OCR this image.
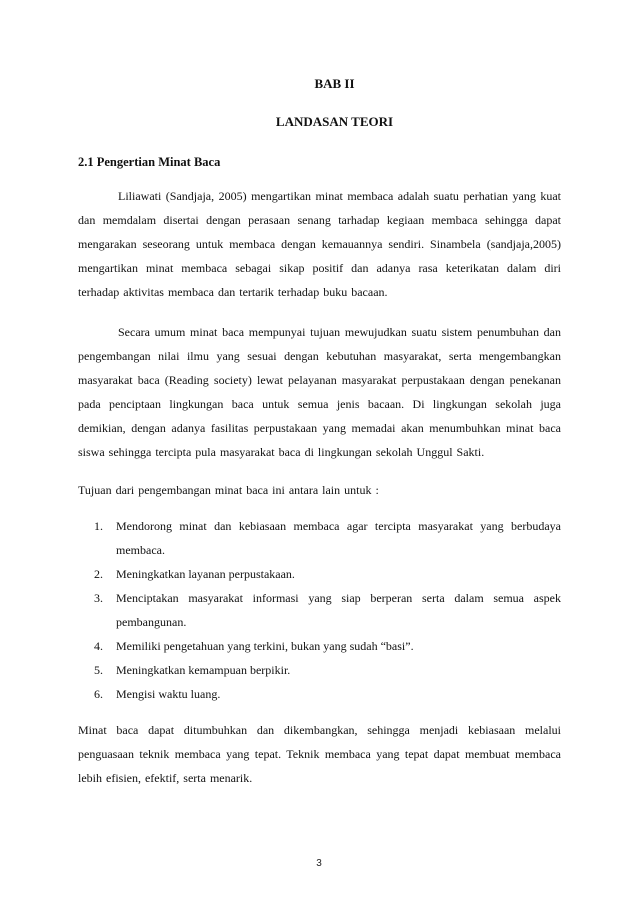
BAB II
LANDASAN TEORI
2.1 Pengertian Minat Baca

Liliawati (Sandjaja, 2005) mengartikan minat membaca adalah suatu perhatian yang kuat dan memdalam disertai dengan perasaan senang tarhadap kegiaan membaca sehingga dapat mengarakan seseorang untuk membaca dengan kemauannya sendiri. Sinambela (sandjaja,2005) mengartikan minat membaca sebagai sikap positif dan adanya rasa keterikatan dalam diri terhadap aktivitas membaca dan tertarik terhadap buku bacaan.

Secara umum minat baca mempunyai tujuan mewujudkan suatu sistem penumbuhan dan pengembangan nilai ilmu yang sesuai dengan kebutuhan masyarakat, serta mengembangkan masyarakat baca (Reading society) lewat pelayanan masyarakat perpustakaan dengan penekanan pada penciptaan lingkungan baca untuk semua jenis bacaan. Di lingkungan sekolah juga demikian, dengan adanya fasilitas perpustakaan yang memadai akan menumbuhkan minat baca siswa sehingga tercipta pula masyarakat baca di lingkungan sekolah Unggul Sakti.

Tujuan dari pengembangan minat baca ini antara lain untuk :

1. Mendorong minat dan kebiasaan membaca agar tercipta masyarakat yang berbudaya membaca.
2. Meningkatkan layanan perpustakaan.
3. Menciptakan masyarakat informasi yang siap berperan serta dalam semua aspek pembangunan.
4. Memiliki pengetahuan yang terkini, bukan yang sudah “basi”.
5. Meningkatkan kemampuan berpikir.
6. Mengisi waktu luang.

Minat baca dapat ditumbuhkan dan dikembangkan, sehingga menjadi kebiasaan melalui penguasaan teknik membaca yang tepat. Teknik membaca yang tepat dapat membuat membaca lebih efisien, efektif, serta menarik.

3
